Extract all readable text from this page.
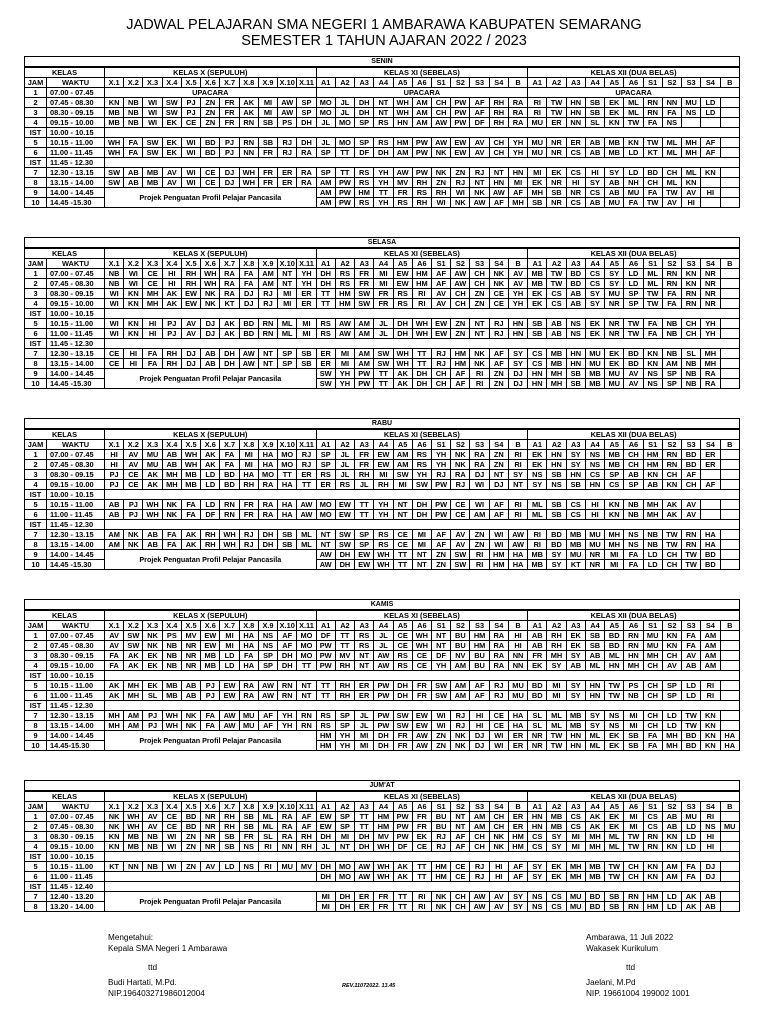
JADWAL PELAJARAN SMA NEGERI 1 AMBARAWA KABUPATEN SEMARANG
SEMESTER 1 TAHUN AJARAN 2022 / 2023
SENIN																																		
KELAS		KELAS X (SEPULUH)											KELAS XI (SEBELAS)											KELAS XII (DUA BELAS)										
JAM	WAKTU	X.1	X.2	X.3	X.4	X.5	X.6	X.7	X.8	X.9	X.10	X.11	A1	A2	A3	A4	A5	A6	S1	S2	S3	S4	B	A1	A2	A3	A4	A5	A6	S1	S2	S3	S4	B
1	07.00 - 07.45	UPACARA											UPACARA											UPACARA										
2	07.45 - 08.30	KN	NB	WI	SW	PJ	ZN	FR	AK	MI	AW	SP	MO	JL	DH	NT	WH	AM	CH	PW	AF	RH	RA	RI	TW	HN	SB	EK	ML	RN	NN	MU	LD	
3	08.30 - 09.15	MB	NB	WI	SW	PJ	ZN	FR	AK	MI	AW	SP	MO	JL	DH	NT	WH	AM	CH	PW	AF	RH	RA	RI	TW	HN	SB	EK	ML	RN	FA	NS	LD	
4	09.15 - 10.00	MB	NB	WI	EK	CE	ZN	FR	RN	SB	PS	DH	JL	MO	SP	RS	HN	AM	AW	PW	DF	RH	RA	MU	ER	NN	SL	KN	TW	FA	NS			
IST	10.00 - 10.15																																	
5	10.15 - 11.00	WH	FA	SW	EK	WI	BD	PJ	RN	SB	RJ	DH	JL	MO	SP	RS	HM	PW	AW	EW	AV	CH	YH	MU	NR	ER	AB	MB	KN	TW	ML	MH	AF	
6	11.00 - 11.45	WH	FA	SW	EK	WI	BD	PJ	NN	FR	RJ	RA	SP	TT	DF	DH	AM	PW	NK	EW	AV	CH	YH	MU	NR	CS	AB	MB	LD	KT	ML	MH	AF	
IST	11.45 - 12.30																																	
7	12.30 - 13.15	SW	AB	MB	AV	WI	CE	DJ	WH	FR	ER	RA	SP	TT	RS	YH	AW	PW	NK	ZN	RJ	NT	HN	MI	EK	CS	HI	SY	LD	BD	CH	ML	KN	
8	13.15 - 14.00	SW	AB	MB	AV	WI	CE	DJ	WH	FR	ER	RA	AM	PW	RS	YH	MV	RH	ZN	RJ	NT	HN	MI	EK	NR	HI	SY	AB	NH	CH	ML	KN		
9	14.00 - 14.45	Projek Penguatan Profil Pelajar Pancasila											AM	PW	HM	TT	FR	RS	RH	WI	NK	AW	AF	MH	SB	NR	CS	AB	MU	FA	TW	AV	HI	
10	14.45 -15.30												AM	PW	RS	YH	RS	RH	WI	NK	AW	AF	MH	SB	NR	CS	AB	MU	FA	TW	AV	HI		
SELASA																																		
KELAS		KELAS X (SEPULUH)											KELAS XI (SEBELAS)											KELAS XII (DUA BELAS)										
JAM	WAKTU	X.1	X.2	X.3	X.4	X.5	X.6	X.7	X.8	X.9	X.10	X.11	A1	A2	A3	A4	A5	A6	S1	S2	S3	S4	B	A1	A2	A3	A4	A5	A6	S1	S2	S3	S4	B
1	07.00 - 07.45	NB	WI	CE	HI	RH	WH	RA	FA	AM	NT	YH	DH	RS	FR	MI	EW	HM	AF	AW	CH	NK	AV	MB	TW	BD	CS	SY	LD	ML	RN	KN	NR	
2	07.45 - 08.30	NB	WI	CE	HI	RH	WH	RA	FA	AM	NT	YH	DH	RS	FR	MI	EW	HM	AF	AW	CH	NK	AV	MB	TW	BD	CS	SY	LD	ML	RN	KN	NR	
3	08.30 - 09.15	WI	KN	MH	AK	EW	NK	RA	DJ	RJ	MI	ER	TT	HM	SW	FR	RS	RI	AV	CH	ZN	CE	YH	EK	CS	AB	SY	MU	SP	TW	FA	RN	NR	
4	09.15 - 10.00	WI	KN	MH	AK	EW	NK	KT	DJ	RJ	MI	ER	TT	HM	SW	FR	RS	RI	AV	CH	ZN	CE	YH	EK	CS	AB	SY	NR	SP	TW	FA	RN	NR	
IST	10.00 - 10.15																																	
5	10.15 - 11.00	WI	KN	HI	PJ	AV	DJ	AK	BD	RN	ML	MI	RS	AW	AM	JL	DH	WH	EW	ZN	NT	RJ	HN	SB	AB	NS	EK	NR	TW	FA	NB	CH	YH	
6	11.00 - 11.45	WI	KN	HI	PJ	AV	DJ	AK	BD	RN	ML	MI	RS	AW	AM	JL	DH	WH	EW	ZN	NT	RJ	HN	SB	AB	NS	EK	NR	TW	FA	NB	CH	YH	
IST	11.45 - 12.30																																	
7	12.30 - 13.15	CE	HI	FA	RH	DJ	AB	DH	AW	NT	SP	SB	ER	MI	AM	SW	WH	TT	RJ	HM	NK	AF	SY	CS	MB	HN	MU	EK	BD	KN	NB	SL	MH	
8	13.15 - 14.00	CE	HI	FA	RH	DJ	AB	DH	AW	NT	SP	SB	ER	MI	AM	SW	WH	TT	RJ	HM	NK	AF	SY	CS	MB	HN	MU	EK	BD	KN	AM	NB	MH	
9	14.00 - 14.45	Projek Penguatan Profil Pelajar Pancasila											SW	YH	PW	TT	AK	DH	CH	AF	RI	ZN	DJ	HN	MH	SB	MB	MU	AV	NS	SP	NB	RA	
10	14.45 -15.30												SW	YH	PW	TT	AK	DH	CH	AF	RI	ZN	DJ	HN	MH	SB	MB	MU	AV	NS	SP	NB	RA	
RABU																																		
KELAS		KELAS X (SEPULUH)											KELAS XI (SEBELAS)											KELAS XII (DUA BELAS)										
JAM	WAKTU	X.1	X.2	X.3	X.4	X.5	X.6	X.7	X.8	X.9	X.10	X.11	A1	A2	A3	A4	A5	A6	S1	S2	S3	S4	B	A1	A2	A3	A4	A5	A6	S1	S2	S3	S4	B
1	07.00 - 07.45	HI	AV	MU	AB	WH	AK	FA	MI	HA	MO	RJ	SP	JL	FR	EW	AM	RS	YH	NK	RA	ZN	RI	EK	HN	SY	NS	MB	CH	HM	RN	BD	ER	
2	07.45 - 08.30	HI	AV	MU	AB	WH	AK	FA	MI	HA	MO	RJ	SP	JL	FR	EW	AM	RS	YH	NK	RA	ZN	RI	EK	HN	SY	NS	MB	CH	HM	RN	BD	ER	
3	08.30 - 09.15	PJ	CE	AK	MH	MB	LD	BD	HA	MO	TT	ER	RS	JL	RH	MI	SW	YH	RJ	RA	DJ	NT	SY	NS	SB	HN	CS	SP	AB	KN	CH	AF		
4	09.15 - 10.00	PJ	CE	AK	MH	MB	LD	BD	RH	RA	HA	TT	ER	RS	JL	RH	MI	SW	PW	RJ	WI	DJ	NT	SY	NS	SB	HN	CS	SP	AB	KN	CH	AF	
IST	10.00 - 10.15																																	
5	10.15 - 11.00	AB	PJ	WH	NK	FA	LD	RN	FR	RA	HA	AW	MO	EW	TT	YH	NT	DH	PW	CE	WI	AF	RI	ML	SB	CS	HI	KN	NB	MH	AK	AV		
6	11.00 - 11.45	AB	PJ	WH	NK	FA	DF	RN	FR	RA	HA	AW	MO	EW	TT	YH	NT	DH	PW	CE	AM	AF	RI	ML	SB	CS	HI	KN	NB	MH	AK	AV		
IST	11.45 - 12.30																																	
7	12.30 - 13.15	AM	NK	AB	FA	AK	RH	WH	RJ	DH	SB	ML	NT	SW	SP	RS	CE	MI	AF	AV	ZN	WI	AW	RI	BD	MB	MU	MH	NS	NB	TW	RN	HA	
8	13.15 - 14.00	AM	NK	AB	FA	AK	RH	WH	RJ	DH	SB	ML	NT	SW	SP	RS	CE	MI	AF	AV	ZN	WI	AW	RI	BD	MB	MU	MH	NS	NB	TW	RN	HA	
9	14.00 - 14.45	Projek Penguatan Profil Pelajar Pancasila											AW	DH	EW	WH	TT	NT	ZN	SW	RI	HM	HA	MB	SY	MU	NR	MI	FA	LD	CH	TW	BD	
10	14.45 -15.30												AW	DH	EW	WH	TT	NT	ZN	SW	RI	HM	HA	MB	SY	KT	NR	MI	FA	LD	CH	TW	BD	
KAMIS																																		
KELAS		KELAS X (SEPULUH)											KELAS XI (SEBELAS)											KELAS XII (DUA BELAS)										
JAM	WAKTU	X.1	X.2	X.3	X.4	X.5	X.6	X.7	X.8	X.9	X.10	X.11	A1	A2	A3	A4	A5	A6	S1	S2	S3	S4	B	A1	A2	A3	A4	A5	A6	S1	S2	S3	S4	B
1	07.00 - 07.45	AV	SW	NK	PS	MV	EW	MI	HA	NS	AF	MO	DF	TT	RS	JL	CE	WH	NT	BU	HM	RA	HI	AB	RH	EK	SB	BD	RN	MU	KN	FA	AM	
2	07.45 - 08.30	AV	SW	NK	NB	NR	EW	MI	HA	NS	AF	MO	PW	TT	RS	JL	CE	WH	NT	BU	HM	RA	HI	AB	RH	EK	SB	BD	RN	MU	KN	FA	AM	
3	08.30 - 09.15	FA	AK	EK	NB	NR	MB	LD	FA	SP	DH	MO	PW	MV	NT	AW	RS	CE	DF	NV	BU	RA	NN	FR	MH	SY	AB	ML	HN	MH	CH	AV	AM	
4	09.15 - 10.00	FA	AK	EK	NB	NR	MB	LD	HA	SP	DH	TT	PW	RH	NT	AW	RS	CE	YH	AM	BU	RA	NN	EK	SY	AB	ML	HN	MH	CH	AV	AB	AM	
IST	10.00 - 10.15																																	
5	10.15 - 11.00	AK	MH	EK	MB	AB	PJ	EW	RA	AW	RN	NT	TT	RH	ER	PW	DH	FR	SW	AM	AF	RJ	MU	BD	MI	SY	HN	TW	PS	CH	SP	LD	RI	
6	11.00 - 11.45	AK	MH	SL	MB	AB	PJ	EW	RA	AW	RN	NT	TT	RH	ER	PW	DH	FR	SW	AM	AF	RJ	MU	BD	MI	SY	HN	TW	NB	CH	SP	LD	RI	
IST	11.45 - 12.30																																	
7	12.30 - 13.15	MH	AM	PJ	WH	NK	FA	AW	MU	AF	YH	RN	RS	SP	JL	PW	SW	EW	WI	RJ	HI	CE	HA	SL	ML	MB	SY	NS	MI	CH	LD	TW	KN	
8	13.15 - 14.00	MH	AM	PJ	WH	NK	FA	AW	MU	AF	YH	RN	RS	SP	JL	PW	SW	EW	WI	RJ	HI	CE	HA	SL	ML	MB	SY	NS	MI	CH	LD	TW	KN	
9	14.00 - 14.45	Projek Penguatan Profil Pelajar Pancasila											HM	YH	MI	DH	FR	AW	ZN	NK	DJ	WI	ER	NR	TW	HN	ML	EK	SB	FA	MH	BD	KN	HA
10	14.45-15.30												HM	YH	MI	DH	FR	AW	ZN	NK	DJ	WI	ER	NR	TW	HN	ML	EK	SB	FA	MH	BD	KN	HA
JUM'AT																																		
KELAS		KELAS X (SEPULUH)											KELAS XI (SEBELAS)											KELAS XII (DUA BELAS)										
JAM	WAKTU	X.1	X.2	X.3	X.4	X.5	X.6	X.7	X.8	X.9	X.10	X.11	A1	A2	A3	A4	A5	A6	S1	S2	S3	S4	B	A1	A2	A3	A4	A5	A6	S1	S2	S3	S4	B
1	07.00 - 07.45	NK	WH	AV	CE	BD	NR	RH	SB	ML	RA	AF	EW	SP	TT	HM	PW	FR	BU	NT	AM	CH	ER	HN	MB	CS	AK	EK	MI	CS	AB	MU	RI	
2	07.45 - 08.30	NK	WH	AV	CE	BD	NR	RH	SB	ML	RA	AF	EW	SP	TT	HM	PW	FR	BU	NT	AM	CH	ER	HN	MB	CS	AK	EK	MI	CS	AB	LD	NS	MU
3	08.30 - 09.15	KN	MB	NB	WI	ZN	NR	SB	FR	SL	RA	RH	DH	MI	DH	MV	PW	EK	RJ	AF	CH	NK	HM	CS	SY	MI	MH	ML	TW	RN	KN	LD	HI	
4	09.15 - 10.00	KN	MB	NB	WI	ZN	NR	SB	NS	RI	NN	RH	JL	NT	DH	WH	DF	CE	RJ	AF	CH	NK	HM	CS	SY	MI	MH	ML	TW	RN	KN	LD	HI	
IST	10.00 - 10.15																																	
5	10.15 - 11.00	KT	NN	NB	WI	ZN	AV	LD	NS	RI	MU	MV	DH	MO	AW	WH	AK	TT	HM	CE	RJ	HI	AF	SY	EK	MH	MB	TW	CH	KN	AM	FA	DJ	
6	11.00 - 11.45												DH	MO	AW	WH	AK	TT	HM	CE	RJ	HI	AF	SY	EK	MH	MB	TW	CH	KN	AM	FA	DJ	
IST	11.45 - 12.40																																	
7	12.40 - 13.20	Projek Penguatan Profil Pelajar Pancasila											MI	DH	ER	FR	TT	RI	NK	CH	AW	AV	SY	NS	CS	MU	BD	SB	RN	HM	LD	AK	AB	
8	13.20 - 14.00												MI	DH	ER	FR	TT	RI	NK	CH	AW	AV	SY	NS	CS	MU	BD	SB	RN	HM	LD	AK	AB	
Mengetahui:
Kepala SMA Negeri 1 Ambarawa
ttd
Budi Hartati, M.Pd.
NIP.196403271986012004
REV.11072022. 13.45
Ambarawa, 11 Juli 2022
Wakasek Kurikulum
ttd
Jaelani, M.Pd
NIP. 19661004 199002 1001
